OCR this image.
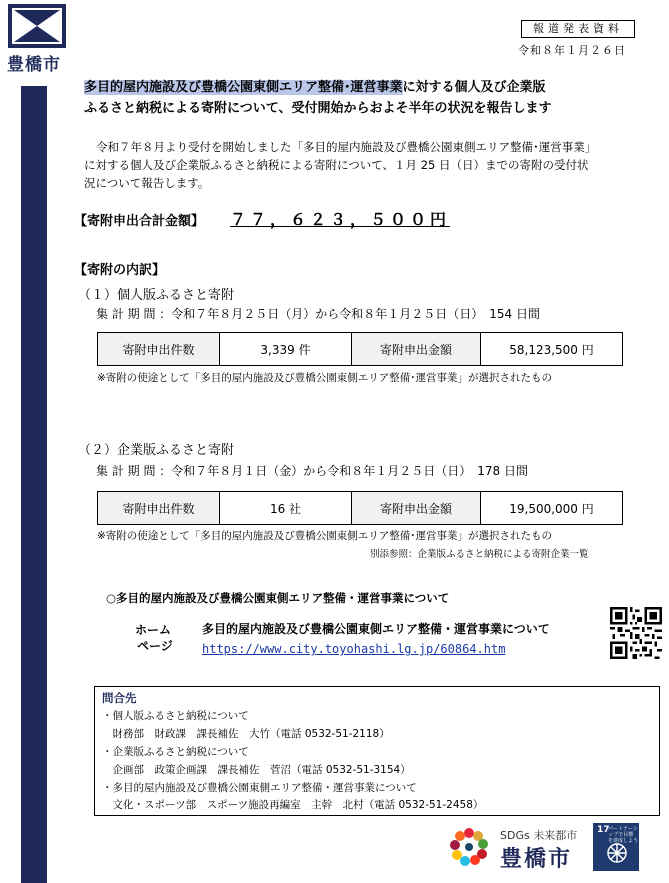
豊橋市
報道発表資料
令和８年１月２６日
多目的屋内施設及び豊橋公園東側エリア整備･運営事業に対する個人及び企業版
ふるさと納税による寄附について、受付開始からおよそ半年の状況を報告します
令和７年８月より受付を開始しました「多目的屋内施設及び豊橋公園東側エリア整備･運営事業」
に対する個人及び企業版ふるさと納税による寄附について、１月 25 日（日）までの寄附の受付状
況について報告します。
【寄附申出合計金額】 ７７，６２３，５００円
【寄附の内訳】
（１）個人版ふるさと寄附
集 計 期 間 ：令和７年８月２５日（月）から令和８年１月２５日（日）　154 日間
寄附申出件数	3,339 件	寄附申出金額	58,123,500 円
※寄附の使途として「多目的屋内施設及び豊橋公園東側エリア整備･運営事業」が選択されたもの
（２）企業版ふるさと寄附
集 計 期 間 ：令和７年８月１日（金）から令和８年１月２５日（日）　178 日間
寄附申出件数	16 社	寄附申出金額	19,500,000 円
※寄附の使途として「多目的屋内施設及び豊橋公園東側エリア整備･運営事業」が選択されたもの
別添参照：企業版ふるさと納税による寄附企業一覧
○多目的屋内施設及び豊橋公園東側エリア整備・運営事業について
ホーム
ページ
多目的屋内施設及び豊橋公園東側エリア整備・運営事業について
https://www.city.toyohashi.lg.jp/60864.htm
問合先
・個人版ふるさと納税について
　財務部　財政課　課長補佐　大竹（電話 0532-51-2118）
・企業版ふるさと納税について
　企画部　政策企画課　課長補佐　菅沼（電話 0532-51-3154）
・多目的屋内施設及び豊橋公園東側エリア整備・運営事業について
　文化・スポーツ部　スポーツ施設再編室　主幹　北村（電話 0532-51-2458）
SDGs 未来都市
豊橋市
17
パートナーシップで目標を達成しよう
